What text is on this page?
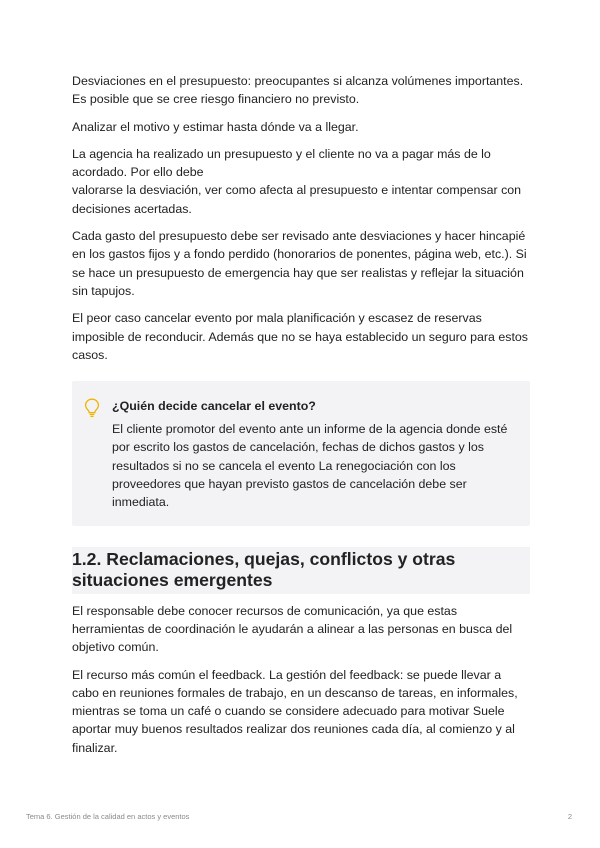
Desviaciones en el presupuesto: preocupantes si alcanza volúmenes importantes. Es posible que se cree riesgo financiero no previsto.

Analizar el motivo y estimar hasta dónde va a llegar.

La agencia ha realizado un presupuesto y el cliente no va a pagar más de lo acordado. Por ello debe
valorarse la desviación, ver como afecta al presupuesto e intentar compensar con decisiones acertadas.

Cada gasto del presupuesto debe ser revisado ante desviaciones y hacer hincapié en los gastos fijos y a fondo perdido (honorarios de ponentes, página web, etc.). Si se hace un presupuesto de emergencia hay que ser realistas y reflejar la situación sin tapujos.

El peor caso cancelar evento por mala planificación y escasez de reservas imposible de reconducir. Además que no se haya establecido un seguro para estos casos.

¿Quién decide cancelar el evento?

El cliente promotor del evento ante un informe de la agencia donde esté por escrito los gastos de cancelación, fechas de dichos gastos y los resultados si no se cancela el evento La renegociación con los proveedores que hayan previsto gastos de cancelación debe ser inmediata.

1.2. Reclamaciones, quejas, conflictos y otras situaciones emergentes

El responsable debe conocer recursos de comunicación, ya que estas herramientas de coordinación le ayudarán a alinear a las personas en busca del objetivo común.

El recurso más común el feedback. La gestión del feedback: se puede llevar a cabo en reuniones formales de trabajo, en un descanso de tareas, en informales, mientras se toma un café o cuando se considere adecuado para motivar Suele aportar muy buenos resultados realizar dos reuniones cada día, al comienzo y al finalizar.

Tema 6. Gestión de la calidad en actos y eventos	2
